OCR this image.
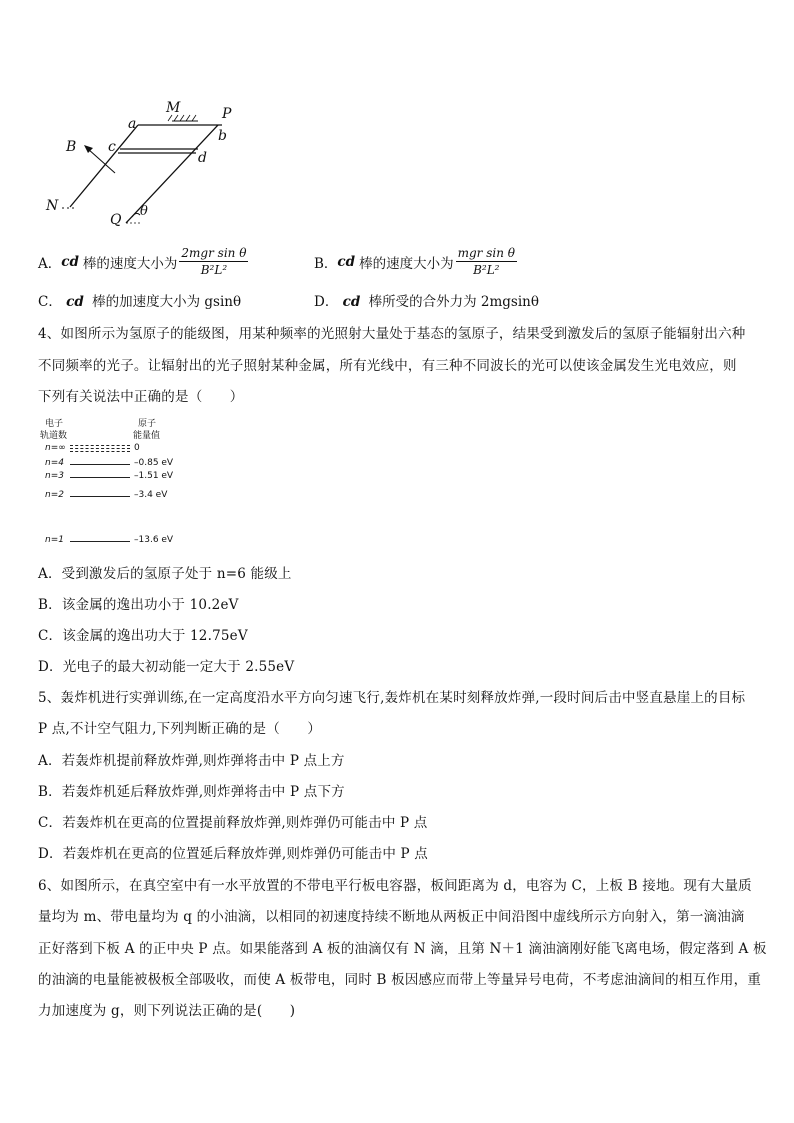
M	P
a
b
B c
d
N
Q
θ
A． cd 棒的速度大小为 $\frac{\text{2mgr sin θ}}{\text{B²L²}}$	B． cd 棒的速度大小为 $\frac{\text{mgr sin θ}}{\text{B²L²}}$
C． cd 棒的加速度大小为 gsinθ	D． cd 棒所受的合外力为 2mgsinθ
4、如图所示为氢原子的能级图，用某种频率的光照射大量处于基态的氢原子，结果受到激发后的氢原子能辐射出六种
不同频率的光子。让辐射出的光子照射某种金属，所有光线中，有三种不同波长的光可以使该金属发生光电效应，则
下列有关说法中正确的是（　　）
电子
轨道数
原子
能量值
n=∞	0
n=4	–0.85 eV
n=3	–1.51 eV
n=2	–3.4 eV
n=1	–13.6 eV
A．受到激发后的氢原子处于 n=6 能级上
B．该金属的逸出功小于 10.2eV
C．该金属的逸出功大于 12.75eV
D．光电子的最大初动能一定大于 2.55eV
5、轰炸机进行实弹训练,在一定高度沿水平方向匀速飞行,轰炸机在某时刻释放炸弹,一段时间后击中竖直悬崖上的目标
P 点,不计空气阻力,下列判断正确的是（　　）
A．若轰炸机提前释放炸弹,则炸弹将击中 P 点上方
B．若轰炸机延后释放炸弹,则炸弹将击中 P 点下方
C．若轰炸机在更高的位置提前释放炸弹,则炸弹仍可能击中 P 点
D．若轰炸机在更高的位置延后释放炸弹,则炸弹仍可能击中 P 点
6、如图所示，在真空室中有一水平放置的不带电平行板电容器，板间距离为 d，电容为 C，上板 B 接地。现有大量质
量均为 m、带电量均为 q 的小油滴，以相同的初速度持续不断地从两板正中间沿图中虚线所示方向射入，第一滴油滴
正好落到下板 A 的正中央 P 点。如果能落到 A 板的油滴仅有 N 滴，且第 N＋1 滴油滴刚好能飞离电场，假定落到 A 板
的油滴的电量能被极板全部吸收，而使 A 板带电，同时 B 板因感应而带上等量异号电荷，不考虑油滴间的相互作用，重
力加速度为 g，则下列说法正确的是(　　)
